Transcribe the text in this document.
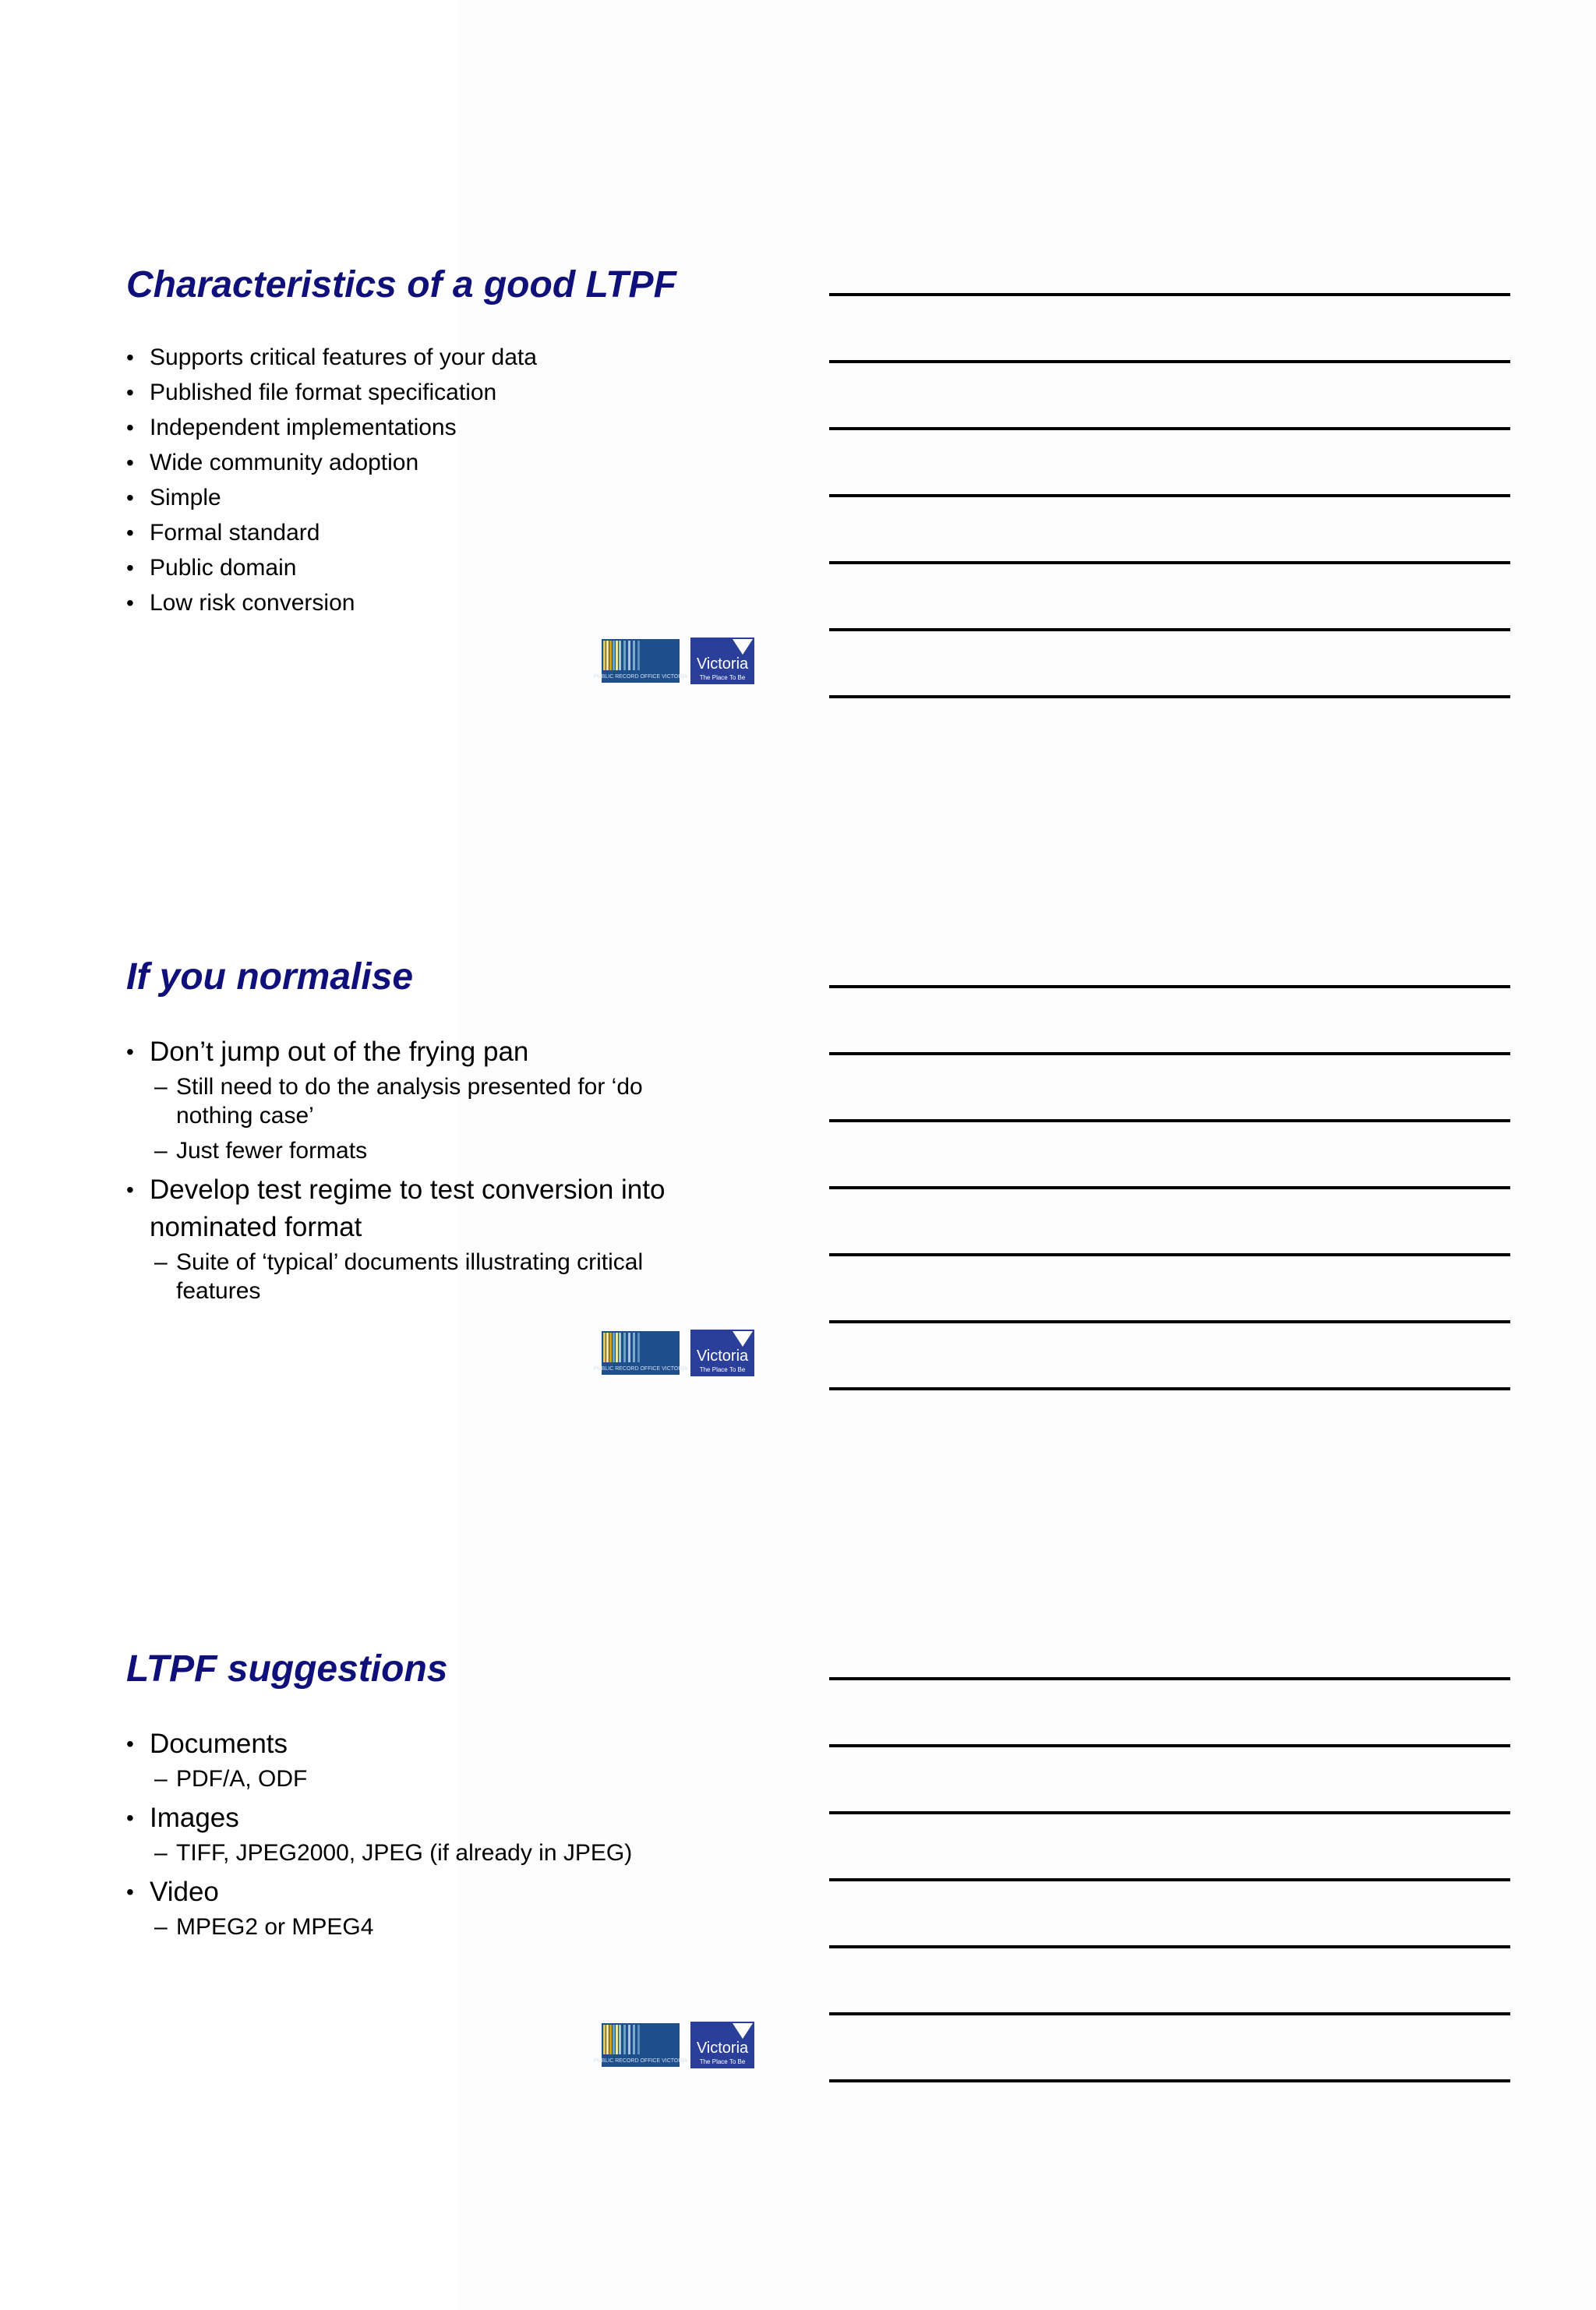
Characteristics of a good LTPF
• Supports critical features of your data
• Published file format specification
• Independent implementations
• Wide community adoption
• Simple
• Formal standard
• Public domain
• Low risk conversion
PUBLIC RECORD OFFICE VICTORIA
Victoria
The Place To Be
If you normalise
• Don’t jump out of the frying pan
– Still need to do the analysis presented for ‘do nothing case’
– Just fewer formats
• Develop test regime to test conversion into nominated format
– Suite of ‘typical’ documents illustrating critical features
PUBLIC RECORD OFFICE VICTORIA
Victoria
The Place To Be
LTPF suggestions
• Documents
– PDF/A, ODF
• Images
– TIFF, JPEG2000, JPEG (if already in JPEG)
• Video
– MPEG2 or MPEG4
PUBLIC RECORD OFFICE VICTORIA
Victoria
The Place To Be
